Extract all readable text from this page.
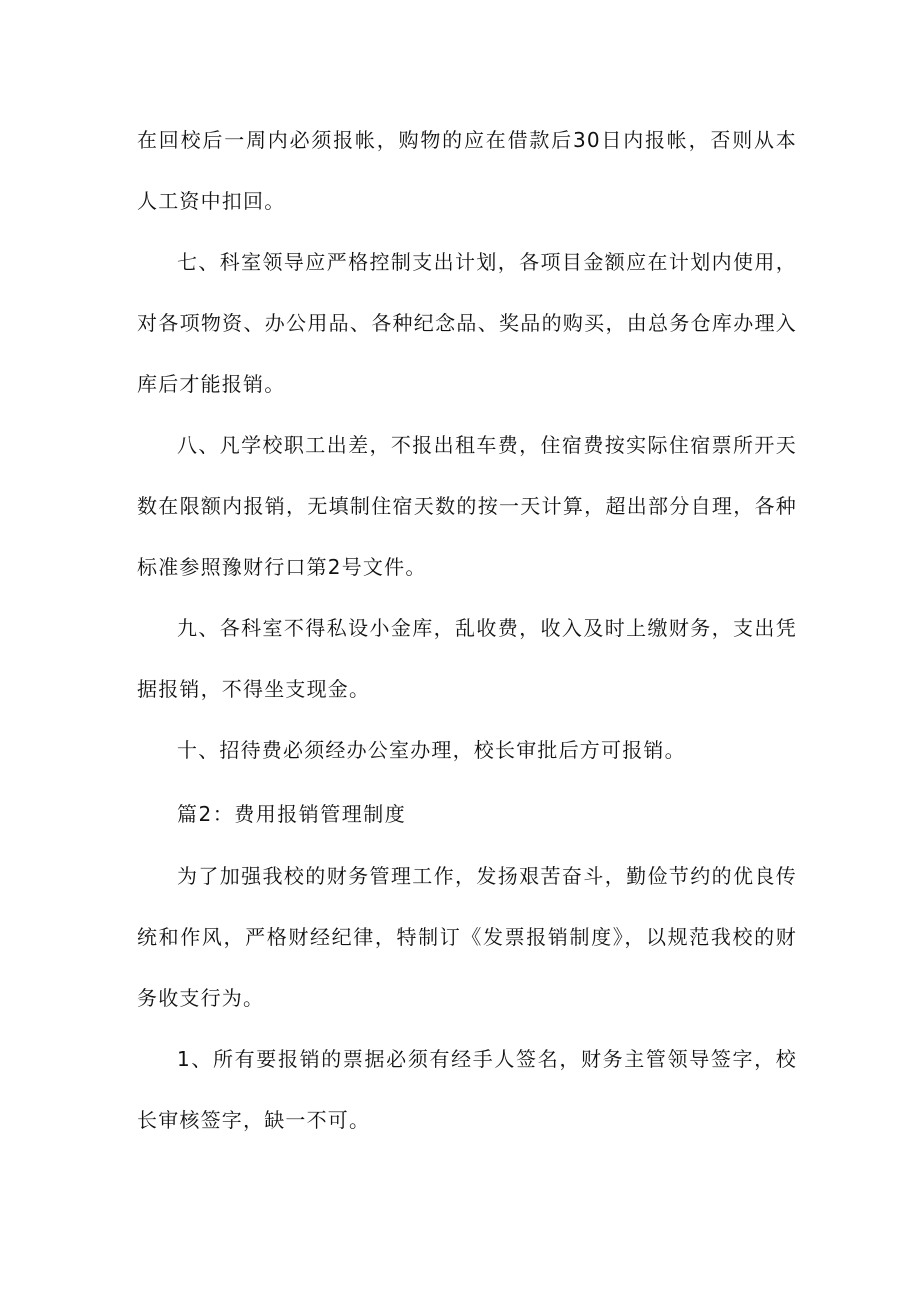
在回校后一周内必须报帐，购物的应在借款后30日内报帐，否则从本人工资中扣回。

七、科室领导应严格控制支出计划，各项目金额应在计划内使用，对各项物资、办公用品、各种纪念品、奖品的购买，由总务仓库办理入库后才能报销。

八、凡学校职工出差，不报出租车费，住宿费按实际住宿票所开天数在限额内报销，无填制住宿天数的按一天计算，超出部分自理，各种标准参照豫财行口第2号文件。

九、各科室不得私设小金库，乱收费，收入及时上缴财务，支出凭据报销，不得坐支现金。

十、招待费必须经办公室办理，校长审批后方可报销。

篇2：费用报销管理制度

为了加强我校的财务管理工作，发扬艰苦奋斗，勤俭节约的优良传统和作风，严格财经纪律，特制订《发票报销制度》，以规范我校的财务收支行为。

1、所有要报销的票据必须有经手人签名，财务主管领导签字，校长审核签字，缺一不可。
